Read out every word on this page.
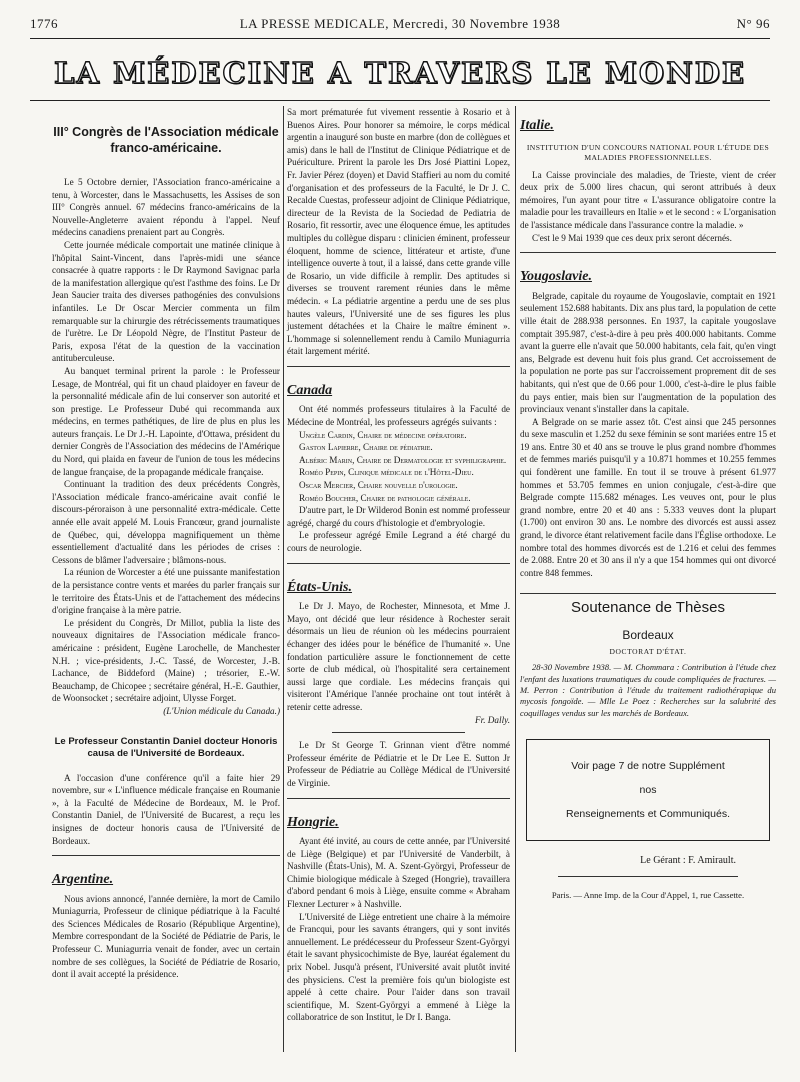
1776	LA PRESSE MEDICALE, Mercredi, 30 Novembre 1938	N° 96
LA MÉDECINE A TRAVERS LE MONDE
III° Congrès de l'Association médicale franco-américaine.

Le 5 Octobre dernier, l'Association franco-américaine a tenu, à Worcester, dans le Massachusetts, les Assises de son III° Congrès annuel. 67 médecins franco-américains de la Nouvelle-Angleterre avaient répondu à l'appel. Neuf médecins canadiens prenaient part au Congrès.

Cette journée médicale comportait une matinée clinique à l'hôpital Saint-Vincent, dans l'après-midi une séance consacrée à quatre rapports : le Dr Raymond Savignac parla de la manifestation allergique qu'est l'asthme des foins. Le Dr Jean Saucier traita des diverses pathogénies des convulsions infantiles. Le Dr Oscar Mercier commenta un film remarquable sur la chirurgie des rétrécissements traumatiques de l'urètre. Le Dr Léopold Nègre, de l'Institut Pasteur de Paris, exposa l'état de la question de la vaccination antituberculeuse.

Au banquet terminal prirent la parole : le Professeur Lesage, de Montréal, qui fit un chaud plaidoyer en faveur de la personnalité médicale afin de lui conserver son autorité et son prestige. Le Professeur Dubé qui recommanda aux médecins, en termes pathétiques, de lire de plus en plus les auteurs français. Le Dr J.-H. Lapointe, d'Ottawa, président du dernier Congrès de l'Association des médecins de l'Amérique du Nord, qui plaida en faveur de l'union de tous les médecins de langue française, de la propagande médicale française.

Continuant la tradition des deux précédents Congrès, l'Association médicale franco-américaine avait confié le discours-péroraison à une personnalité extra-médicale. Cette année elle avait appelé M. Louis Francœur, grand journaliste de Québec, qui, développa magnifiquement un thème essentiellement d'actualité dans les périodes de crises : Cessons de blâmer l'adversaire ; blâmons-nous.

La réunion de Worcester a été une puissante manifestation de la persistance contre vents et marées du parler français sur le territoire des États-Unis et de l'attachement des médecins d'origine française à la mère patrie.

Le président du Congrès, Dr Millot, publia la liste des nouveaux dignitaires de l'Association médicale franco-américaine : président, Eugène Larochelle, de Manchester N.H. ; vice-présidents, J.-C. Tassé, de Worcester, J.-B. Lachance, de Biddeford (Maine) ; trésorier, E.-W. Beauchamp, de Chicopee ; secrétaire général, H.-E. Gauthier, de Woonsocket ; secrétaire adjoint, Ulysse Forget.

(L'Union médicale du Canada.)
Le Professeur Constantin Daniel docteur Honoris causa de l'Université de Bordeaux.

A l'occasion d'une conférence qu'il a faite hier 29 novembre, sur « L'influence médicale française en Roumanie », à la Faculté de Médecine de Bordeaux, M. le Prof. Constantin Daniel, de l'Université de Bucarest, a reçu les insignes de docteur honoris causa de l'Université de Bordeaux.

Argentine.

Nous avions annoncé, l'année dernière, la mort de Camilo Muniagurria, Professeur de clinique pédiatrique à la Faculté des Sciences Médicales de Rosario (République Argentine), Membre correspondant de la Société de Pédiatrie de Paris, le Professeur C. Muniagurria venait de fonder, avec un certain nombre de ses collègues, la Société de Pédiatrie de Rosario, dont il avait accepté la présidence.

Sa mort prématurée fut vivement ressentie à Rosario et à Buenos Aires. Pour honorer sa mémoire, le corps médical argentin a inauguré son buste en marbre (don de collègues et amis) dans le hall de l'Institut de Clinique Pédiatrique et de Puériculture. Prirent la parole les Drs José Piattini Lopez, Fr. Javier Pérez (doyen) et David Staffieri au nom du comité d'organisation et des professeurs de la Faculté, le Dr J. C. Recalde Cuestas, professeur adjoint de Clinique Pédiatrique, directeur de la Revista de la Sociedad de Pediatria de Rosario, fit ressortir, avec une éloquence émue, les aptitudes multiples du collègue disparu : clinicien éminent, professeur éloquent, homme de science, littérateur et artiste, d'une intelligence ouverte à tout, il a laissé, dans cette grande ville de Rosario, un vide difficile à remplir. Des aptitudes si diverses se trouvent rarement réunies dans le même médecin. « La pédiatrie argentine a perdu une de ses plus hautes valeurs, l'Université une de ses figures les plus justement détachées et la Chaire le maître éminent ». L'hommage si solennellement rendu à Camilo Muniagurria était largement mérité.

Canada

Ont été nommés professeurs titulaires à la Faculté de Médecine de Montréal, les professeurs agrégés suivants :

Ungèle Cardin, Chaire de médecine opératoire.

Gaston Lapierre, Chaire de pédiatrie.

Albéric Marin, Chaire de Dermatologie et syphiligraphie.

Roméo Pepin, Clinique médicale de l'Hôtel-Dieu.

Oscar Mercier, Chaire nouvelle d'urologie.

Roméo Boucher, Chaire de pathologie générale.

D'autre part, le Dr Wilderod Bonin est nommé professeur agrégé, chargé du cours d'histologie et d'embryologie.

Le professeur agrégé Emile Legrand a été chargé du cours de neurologie.

États-Unis.

Le Dr J. Mayo, de Rochester, Minnesota, et Mme J. Mayo, ont décidé que leur résidence à Rochester serait désormais un lieu de réunion où les médecins pourraient échanger des idées pour le bénéfice de l'humanité ». Une fondation particulière assure le fonctionnement de cette sorte de club médical, où l'hospitalité sera certainement aussi large que cordiale. Les médecins français qui visiteront l'Amérique l'année prochaine ont tout intérêt à retenir cette adresse.

Fr. Dally.

Le Dr St George T. Grinnan vient d'être nommé Professeur émérite de Pédiatrie et le Dr Lee E. Sutton Jr Professeur de Pédiatrie au Collège Médical de l'Université de Virginie.

Hongrie.

Ayant été invité, au cours de cette année, par l'Université de Liège (Belgique) et par l'Université de Vanderbilt, à Nashville (États-Unis), M. A. Szent-Györgyi, Professeur de Chimie biologique médicale à Szeged (Hongrie), travaillera d'abord pendant 6 mois à Liège, ensuite comme « Abraham Flexner Lecturer » à Nashville.

L'Université de Liège entretient une chaire à la mémoire de Francqui, pour les savants étrangers, qui y sont invités annuellement. Le prédécesseur du Professeur Szent-Györgyi était le savant physicochimiste de Bye, lauréat également du prix Nobel. Jusqu'à présent, l'Université avait plutôt invité des physiciens. C'est la première fois qu'un biologiste est appelé à cette chaire. Pour l'aider dans son travail scientifique, M. Szent-Györgyi a emmené à Liège la collaboratrice de son Institut, le Dr I. Banga.

Italie.
INSTITUTION D'UN CONCOURS NATIONAL POUR L'ÉTUDE DES MALADIES PROFESSIONNELLES.

La Caisse provinciale des maladies, de Trieste, vient de créer deux prix de 5.000 lires chacun, qui seront attribués à deux mémoires, l'un ayant pour titre « L'assurance obligatoire contre la maladie pour les travailleurs en Italie » et le second : « L'organisation de l'assistance médicale dans l'assurance contre la maladie. »

C'est le 9 Mai 1939 que ces deux prix seront décernés.

Yougoslavie.

Belgrade, capitale du royaume de Yougoslavie, comptait en 1921 seulement 152.688 habitants. Dix ans plus tard, la population de cette ville était de 288.938 personnes. En 1937, la capitale yougoslave comptait 395.987, c'est-à-dire à peu près 400.000 habitants. Comme avant la guerre elle n'avait que 50.000 habitants, cela fait, qu'en vingt ans, Belgrade est devenu huit fois plus grand. Cet accroissement de la population ne porte pas sur l'accroissement proprement dit de ses habitants, qui n'est que de 0.66 pour 1.000, c'est-à-dire le plus faible du pays entier, mais bien sur l'augmentation de la population des provinciaux venant s'installer dans la capitale.

A Belgrade on se marie assez tôt. C'est ainsi que 245 personnes du sexe masculin et 1.252 du sexe féminin se sont mariées entre 15 et 19 ans. Entre 30 et 40 ans se trouve le plus grand nombre d'hommes et de femmes mariés puisqu'il y a 10.871 hommes et 10.255 femmes qui fondèrent une famille. En tout il se trouve à présent 61.977 hommes et 53.705 femmes en union conjugale, c'est-à-dire que Belgrade compte 115.682 ménages. Les veuves ont, pour le plus grand nombre, entre 20 et 40 ans : 5.333 veuves dont la plupart (1.700) ont environ 30 ans. Le nombre des divorcés est aussi assez grand, le divorce étant relativement facile dans l'Église orthodoxe. Le nombre total des hommes divorcés est de 1.216 et celui des femmes de 2.088. Entre 20 et 30 ans il n'y a que 154 hommes qui ont divorcé contre 848 femmes.

Soutenance de Thèses
Bordeaux
DOCTORAT D'ÉTAT.

28-30 Novembre 1938. — M. Chommara : Contribution à l'étude chez l'enfant des luxations traumatiques du coude compliquées de fractures. — M. Perron : Contribution à l'étude du traitement radiothérapique du mycosis fongoïde. — Mlle Le Poez : Recherches sur la salubrité des coquillages vendus sur les marchés de Bordeaux.

Voir page 7 de notre Supplément
nos
Renseignements et Communiqués.
Le Gérant : F. Amirault.
Paris. — Anne Imp. de la Cour d'Appel, 1, rue Cassette.
